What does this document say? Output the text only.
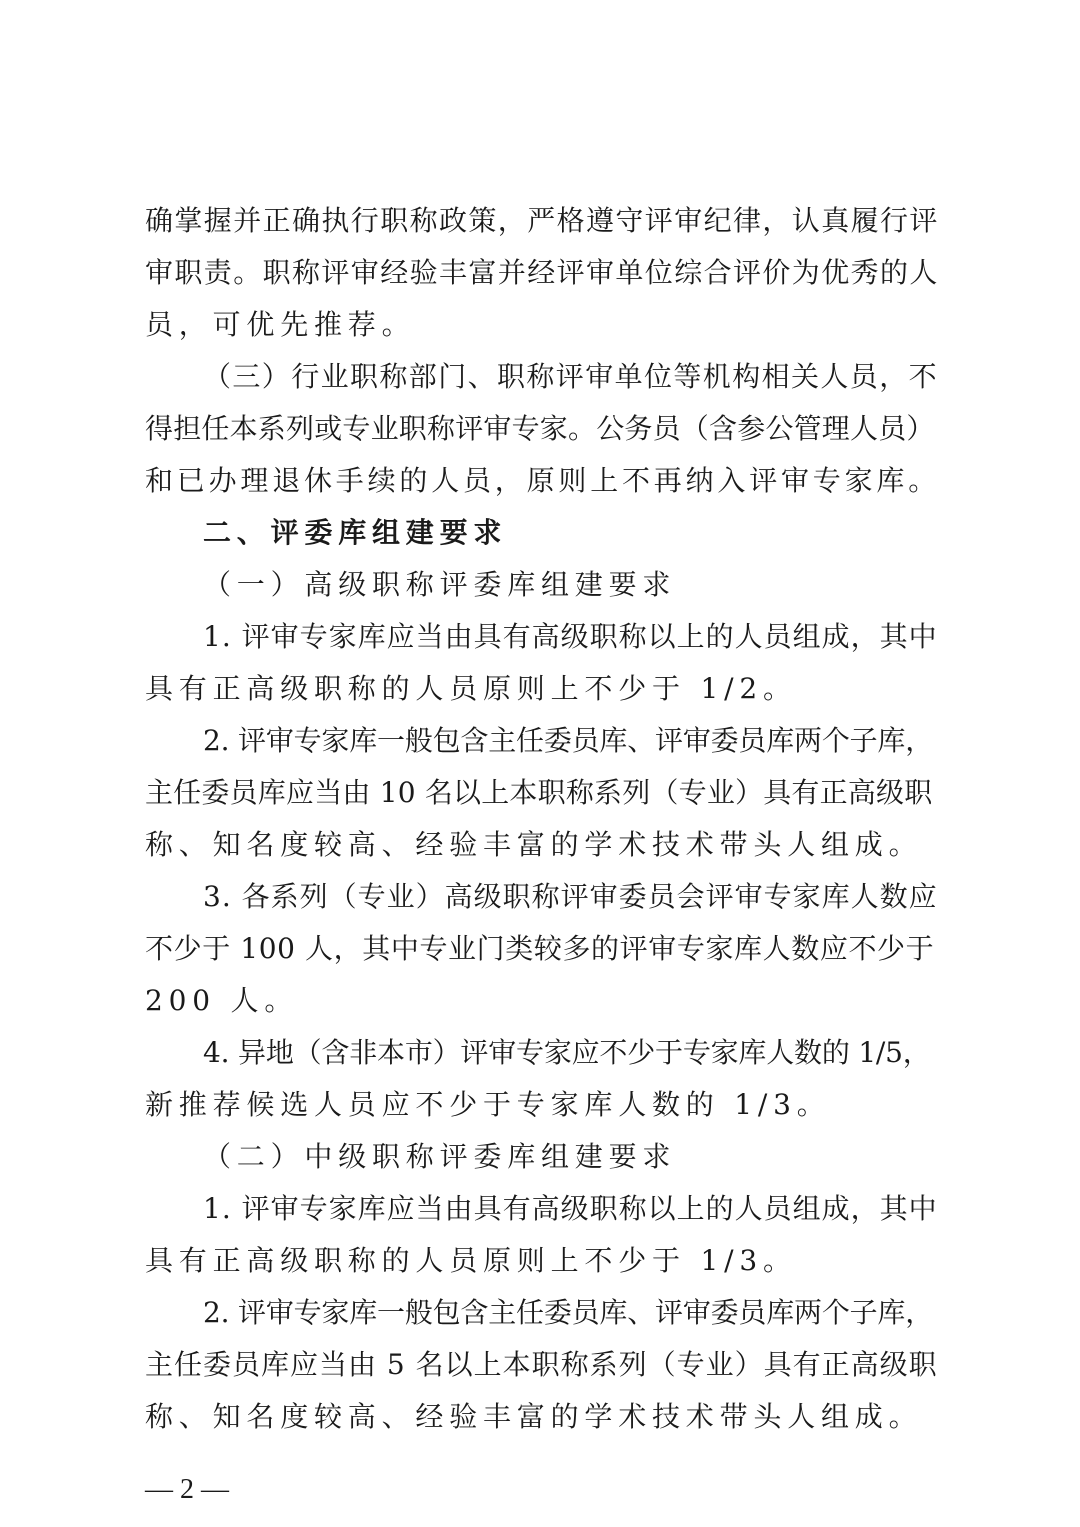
确掌握并正确执行职称政策，严格遵守评审纪律，认真履行评
审职责。职称评审经验丰富并经评审单位综合评价为优秀的人
员，可优先推荐。
（三）行业职称部门、职称评审单位等机构相关人员，不
得担任本系列或专业职称评审专家。公务员（含参公管理人员）
和已办理退休手续的人员，原则上不再纳入评审专家库。
二、评委库组建要求
（一）高级职称评委库组建要求
1. 评审专家库应当由具有高级职称以上的人员组成，其中
具有正高级职称的人员原则上不少于 1/2。
2. 评审专家库一般包含主任委员库、评审委员库两个子库，
主任委员库应当由 10 名以上本职称系列（专业）具有正高级职
称、知名度较高、经验丰富的学术技术带头人组成。
3. 各系列（专业）高级职称评审委员会评审专家库人数应
不少于 100 人，其中专业门类较多的评审专家库人数应不少于
200 人。
4. 异地（含非本市）评审专家应不少于专家库人数的 1/5，
新推荐候选人员应不少于专家库人数的 1/3。
（二）中级职称评委库组建要求
1. 评审专家库应当由具有高级职称以上的人员组成，其中
具有正高级职称的人员原则上不少于 1/3。
2. 评审专家库一般包含主任委员库、评审委员库两个子库，
主任委员库应当由 5 名以上本职称系列（专业）具有正高级职
称、知名度较高、经验丰富的学术技术带头人组成。
— 2 —
